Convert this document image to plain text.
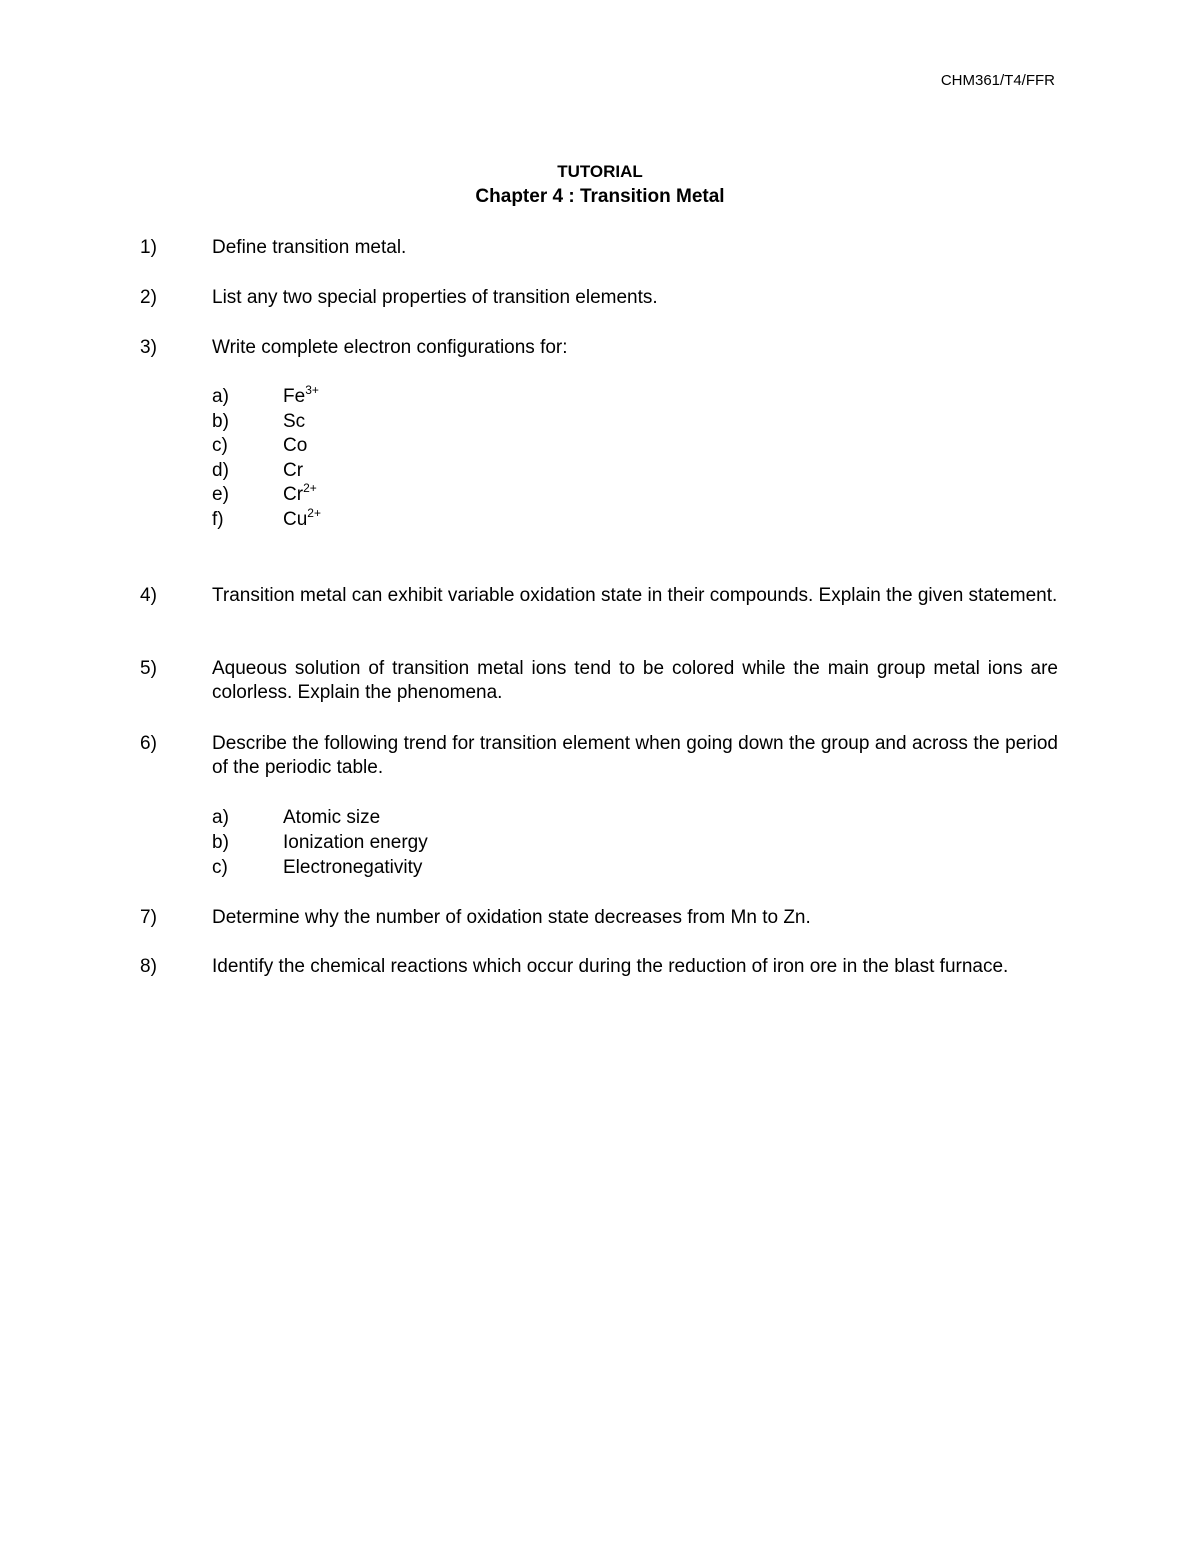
CHM361/T4/FFR
TUTORIAL
Chapter 4 : Transition Metal
1)	Define transition metal.
2)	List any two special properties of transition elements.
3)	Write complete electron configurations for:
a)	$Fe^{3+}$
b)	Sc
c)	Co
d)	Cr
e)	$Cr^{2+}$
f)	$Cu^{2+}$
4)	Transition metal can exhibit variable oxidation state in their compounds. Explain the given statement.
5)	Aqueous solution of transition metal ions tend to be colored while the main group metal ions are colorless. Explain the phenomena.
6)	Describe the following trend for transition element when going down the group and across the period of the periodic table.
a)	Atomic size
b)	Ionization energy
c)	Electronegativity
7)	Determine why the number of oxidation state decreases from Mn to Zn.
8)	Identify the chemical reactions which occur during the reduction of iron ore in the blast furnace.
